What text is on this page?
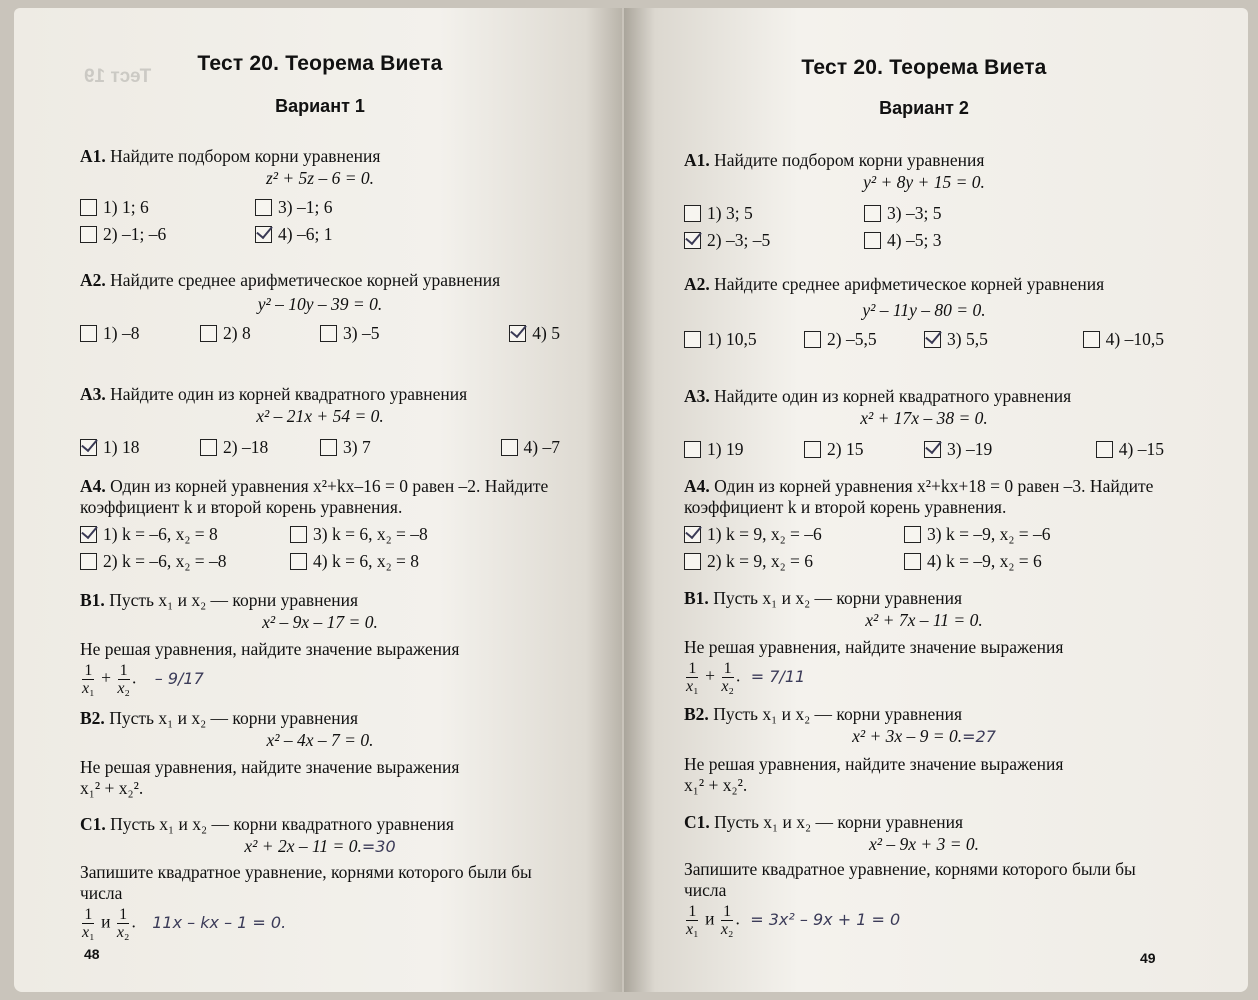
Тест 19
Тест 20. Теорема Виета
Вариант 1
А1. Найдите подбором корни уравнения
z² + 5z – 6 = 0.
1) 1; 6	3) –1; 6
2) –1; –6	4) –6; 1
А2. Найдите среднее арифметическое корней уравнения
y² – 10y – 39 = 0.
1) –8	2) 8	3) –5	4) 5
А3. Найдите один из корней квадратного уравнения
x² – 21x + 54 = 0.
1) 18	2) –18	3) 7	4) –7
А4. Один из корней уравнения x²+kx–16 = 0 равен –2. Найдите коэффициент k и второй корень уравнения.
1) k = –6, x₂ = 8	3) k = 6, x₂ = –8
2) k = –6, x₂ = –8	4) k = 6, x₂ = 8
В1. Пусть x₁ и x₂ — корни уравнения
x² – 9x – 17 = 0.
Не решая уравнения, найдите значение выражения
$\frac{1}{\text{x₁}} + \frac{1}{\text{x₂}}$ . – 9/17
В2. Пусть x₁ и x₂ — корни уравнения
x² – 4x – 7 = 0.
Не решая уравнения, найдите значение выражения
x₁² + x₂².
С1. Пусть x₁ и x₂ — корни квадратного уравнения
x² + 2x – 11 = 0.=30
Запишите квадратное уравнение, корнями которого были бы числа
$\frac{1}{\text{x₁}}$ и $\frac{1}{\text{x₂}}$ . 11x – kx – 1 = 0.
48
Тест 20. Теорема Виета
Вариант 2
А1. Найдите подбором корни уравнения
y² + 8y + 15 = 0.
1) 3; 5	3) –3; 5
2) –3; –5	4) –5; 3
А2. Найдите среднее арифметическое корней уравнения
y² – 11y – 80 = 0.
1) 10,5	2) –5,5	3) 5,5	4) –10,5
А3. Найдите один из корней квадратного уравнения
x² + 17x – 38 = 0.
1) 19	2) 15	3) –19	4) –15
А4. Один из корней уравнения x²+kx+18 = 0 равен –3. Найдите коэффициент k и второй корень уравнения.
1) k = 9, x₂ = –6	3) k = –9, x₂ = –6
2) k = 9, x₂ = 6	4) k = –9, x₂ = 6
В1. Пусть x₁ и x₂ — корни уравнения
x² + 7x – 11 = 0.
Не решая уравнения, найдите значение выражения
$\frac{1}{\text{x₁}} + \frac{1}{\text{x₂}}$ . = 7/11
В2. Пусть x₁ и x₂ — корни уравнения
x² + 3x – 9 = 0.=27
Не решая уравнения, найдите значение выражения
x₁² + x₂².
С1. Пусть x₁ и x₂ — корни уравнения
x² – 9x + 3 = 0.
Запишите квадратное уравнение, корнями которого были бы числа
$\frac{1}{\text{x₁}}$ и $\frac{1}{\text{x₂}}$ . = 3x² – 9x + 1 = 0
49
